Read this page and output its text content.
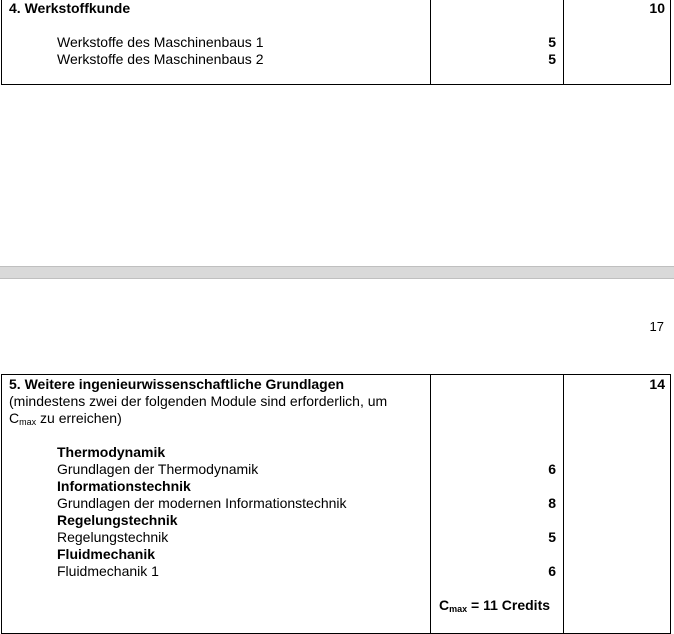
4. Werkstoffkunde	10
Werkstoffe des Maschinenbaus 1	5
Werkstoffe des Maschinenbaus 2	5
17
5. Weitere ingenieurwissenschaftliche Grundlagen	14
(mindestens zwei der folgenden Module sind erforderlich, um
$C_{max}$ zu erreichen)
Thermodynamik
Grundlagen der Thermodynamik	6
Informationstechnik
Grundlagen der modernen Informationstechnik	8
Regelungstechnik
Regelungstechnik	5
Fluidmechanik
Fluidmechanik 1	6
$C_{max} = 11$ Credits
